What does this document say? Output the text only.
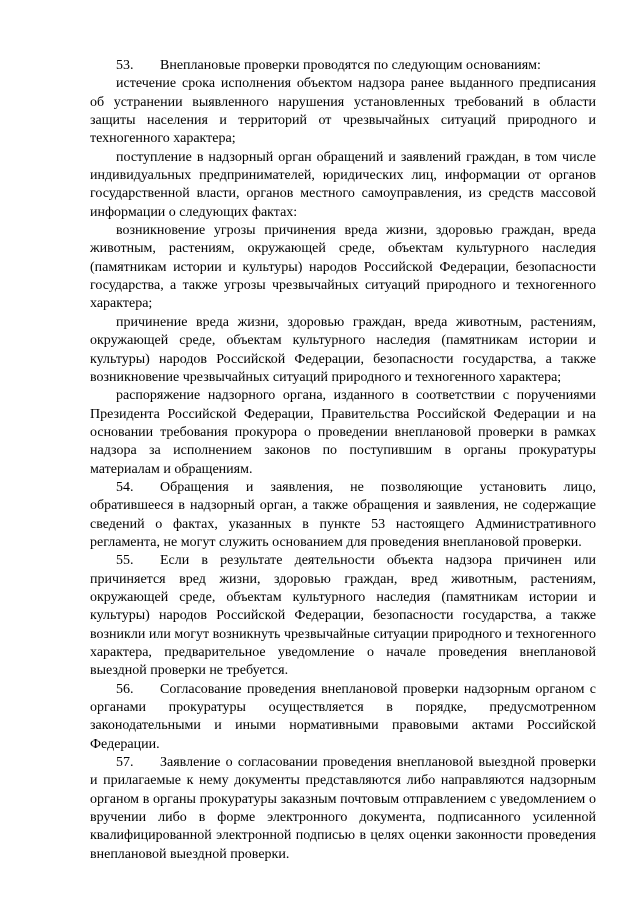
53. Внеплановые проверки проводятся по следующим основаниям:

истечение срока исполнения объектом надзора ранее выданного предписания об устранении выявленного нарушения установленных требований в области защиты населения и территорий от чрезвычайных ситуаций природного и техногенного характера;

поступление в надзорный орган обращений и заявлений граждан, в том числе индивидуальных предпринимателей, юридических лиц, информации от органов государственной власти, органов местного самоуправления, из средств массовой информации о следующих фактах:

возникновение угрозы причинения вреда жизни, здоровью граждан, вреда животным, растениям, окружающей среде, объектам культурного наследия (памятникам истории и культуры) народов Российской Федерации, безопасности государства, а также угрозы чрезвычайных ситуаций природного и техногенного характера;

причинение вреда жизни, здоровью граждан, вреда животным, растениям, окружающей среде, объектам культурного наследия (памятникам истории и культуры) народов Российской Федерации, безопасности государства, а также возникновение чрезвычайных ситуаций природного и техногенного характера;

распоряжение надзорного органа, изданного в соответствии с поручениями Президента Российской Федерации, Правительства Российской Федерации и на основании требования прокурора о проведении внеплановой проверки в рамках надзора за исполнением законов по поступившим в органы прокуратуры материалам и обращениям.

54. Обращения и заявления, не позволяющие установить лицо, обратившееся в надзорный орган, а также обращения и заявления, не содержащие сведений о фактах, указанных в пункте 53 настоящего Административного регламента, не могут служить основанием для проведения внеплановой проверки.

55. Если в результате деятельности объекта надзора причинен или причиняется вред жизни, здоровью граждан, вред животным, растениям, окружающей среде, объектам культурного наследия (памятникам истории и культуры) народов Российской Федерации, безопасности государства, а также возникли или могут возникнуть чрезвычайные ситуации природного и техногенного характера, предварительное уведомление о начале проведения внеплановой выездной проверки не требуется.

56. Согласование проведения внеплановой проверки надзорным органом с органами прокуратуры осуществляется в порядке, предусмотренном законодательными и иными нормативными правовыми актами Российской Федерации.

57. Заявление о согласовании проведения внеплановой выездной проверки и прилагаемые к нему документы представляются либо направляются надзорным органом в органы прокуратуры заказным почтовым отправлением с уведомлением о вручении либо в форме электронного документа, подписанного усиленной квалифицированной электронной подписью в целях оценки законности проведения внеплановой выездной проверки.
